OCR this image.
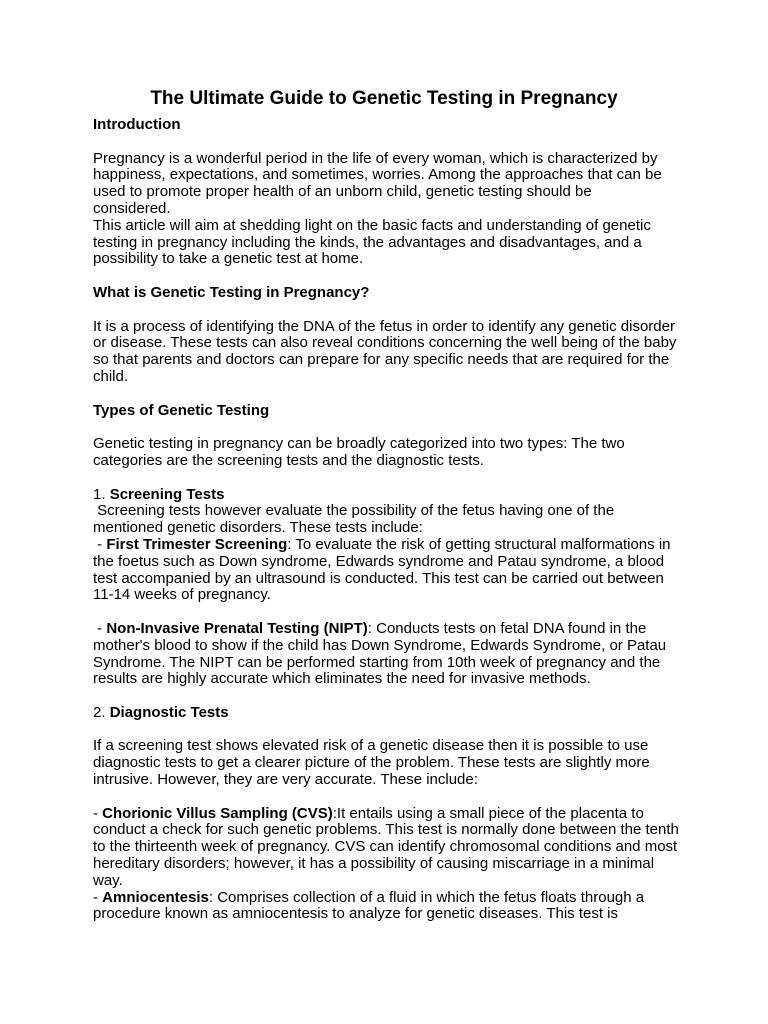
The Ultimate Guide to Genetic Testing in Pregnancy

Introduction

Pregnancy is a wonderful period in the life of every woman, which is characterized by happiness, expectations, and sometimes, worries. Among the approaches that can be used to promote proper health of an unborn child, genetic testing should be considered.

This article will aim at shedding light on the basic facts and understanding of genetic testing in pregnancy including the kinds, the advantages and disadvantages, and a possibility to take a genetic test at home.

What is Genetic Testing in Pregnancy?

It is a process of identifying the DNA of the fetus in order to identify any genetic disorder or disease. These tests can also reveal conditions concerning the well being of the baby so that parents and doctors can prepare for any specific needs that are required for the child.

Types of Genetic Testing

Genetic testing in pregnancy can be broadly categorized into two types: The two categories are the screening tests and the diagnostic tests.

1. Screening Tests

Screening tests however evaluate the possibility of the fetus having one of the mentioned genetic disorders. These tests include:

- First Trimester Screening: To evaluate the risk of getting structural malformations in the foetus such as Down syndrome, Edwards syndrome and Patau syndrome, a blood test accompanied by an ultrasound is conducted. This test can be carried out between 11-14 weeks of pregnancy.

- Non-Invasive Prenatal Testing (NIPT): Conducts tests on fetal DNA found in the mother's blood to show if the child has Down Syndrome, Edwards Syndrome, or Patau Syndrome. The NIPT can be performed starting from 10th week of pregnancy and the results are highly accurate which eliminates the need for invasive methods.

2. Diagnostic Tests

If a screening test shows elevated risk of a genetic disease then it is possible to use diagnostic tests to get a clearer picture of the problem. These tests are slightly more intrusive. However, they are very accurate. These include:

- Chorionic Villus Sampling (CVS):It entails using a small piece of the placenta to conduct a check for such genetic problems. This test is normally done between the tenth to the thirteenth week of pregnancy. CVS can identify chromosomal conditions and most hereditary disorders; however, it has a possibility of causing miscarriage in a minimal way.

- Amniocentesis: Comprises collection of a fluid in which the fetus floats through a procedure known as amniocentesis to analyze for genetic diseases. This test is
